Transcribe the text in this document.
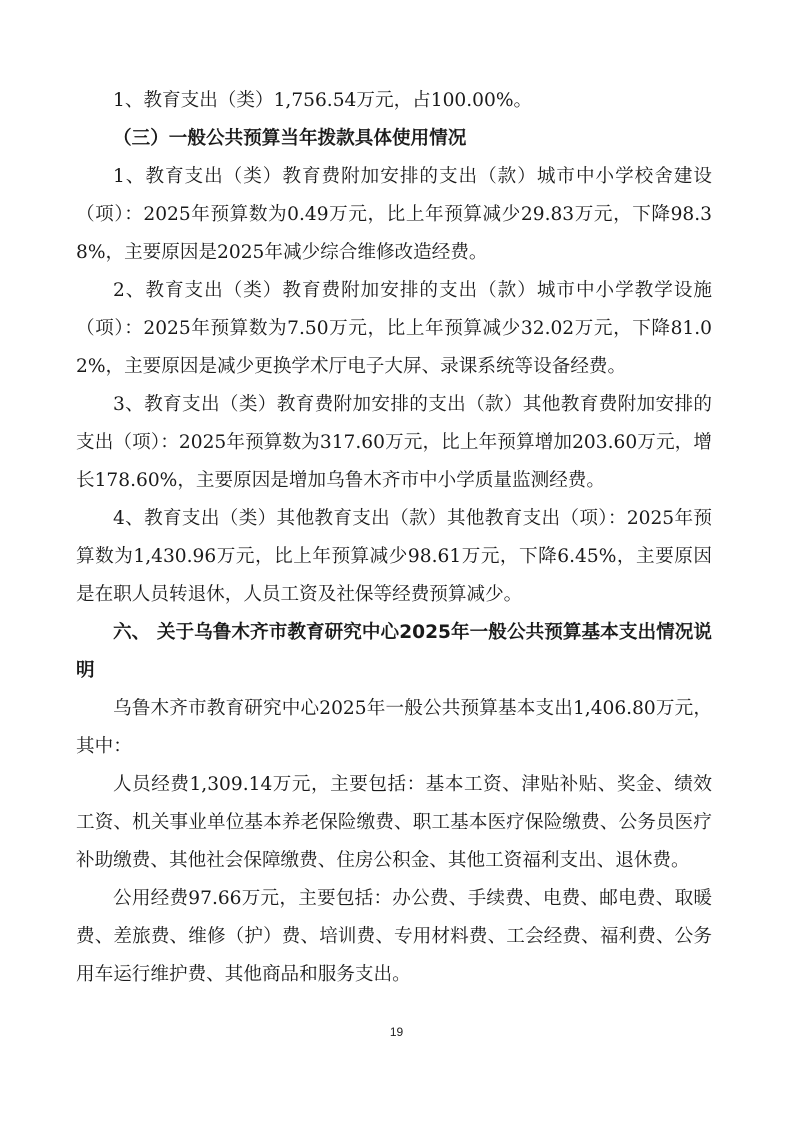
1、教育支出（类）1,756.54万元，占100.00%。

（三）一般公共预算当年拨款具体使用情况

1、教育支出（类）教育费附加安排的支出（款）城市中小学校舍建设（项）：2025年预算数为0.49万元，比上年预算减少29.83万元，下降98.38%，主要原因是2025年减少综合维修改造经费。

2、教育支出（类）教育费附加安排的支出（款）城市中小学教学设施（项）：2025年预算数为7.50万元，比上年预算减少32.02万元，下降81.02%，主要原因是减少更换学术厅电子大屏、录课系统等设备经费。

3、教育支出（类）教育费附加安排的支出（款）其他教育费附加安排的支出（项）：2025年预算数为317.60万元，比上年预算增加203.60万元，增长178.60%，主要原因是增加乌鲁木齐市中小学质量监测经费。

4、教育支出（类）其他教育支出（款）其他教育支出（项）：2025年预算数为1,430.96万元，比上年预算减少98.61万元，下降6.45%，主要原因是在职人员转退休，人员工资及社保等经费预算减少。

六、 关于乌鲁木齐市教育研究中心2025年一般公共预算基本支出情况说明

乌鲁木齐市教育研究中心2025年一般公共预算基本支出1,406.80万元，其中：

人员经费1,309.14万元，主要包括：基本工资、津贴补贴、奖金、绩效工资、机关事业单位基本养老保险缴费、职工基本医疗保险缴费、公务员医疗补助缴费、其他社会保障缴费、住房公积金、其他工资福利支出、退休费。

公用经费97.66万元，主要包括：办公费、手续费、电费、邮电费、取暖费、差旅费、维修（护）费、培训费、专用材料费、工会经费、福利费、公务用车运行维护费、其他商品和服务支出。

19
